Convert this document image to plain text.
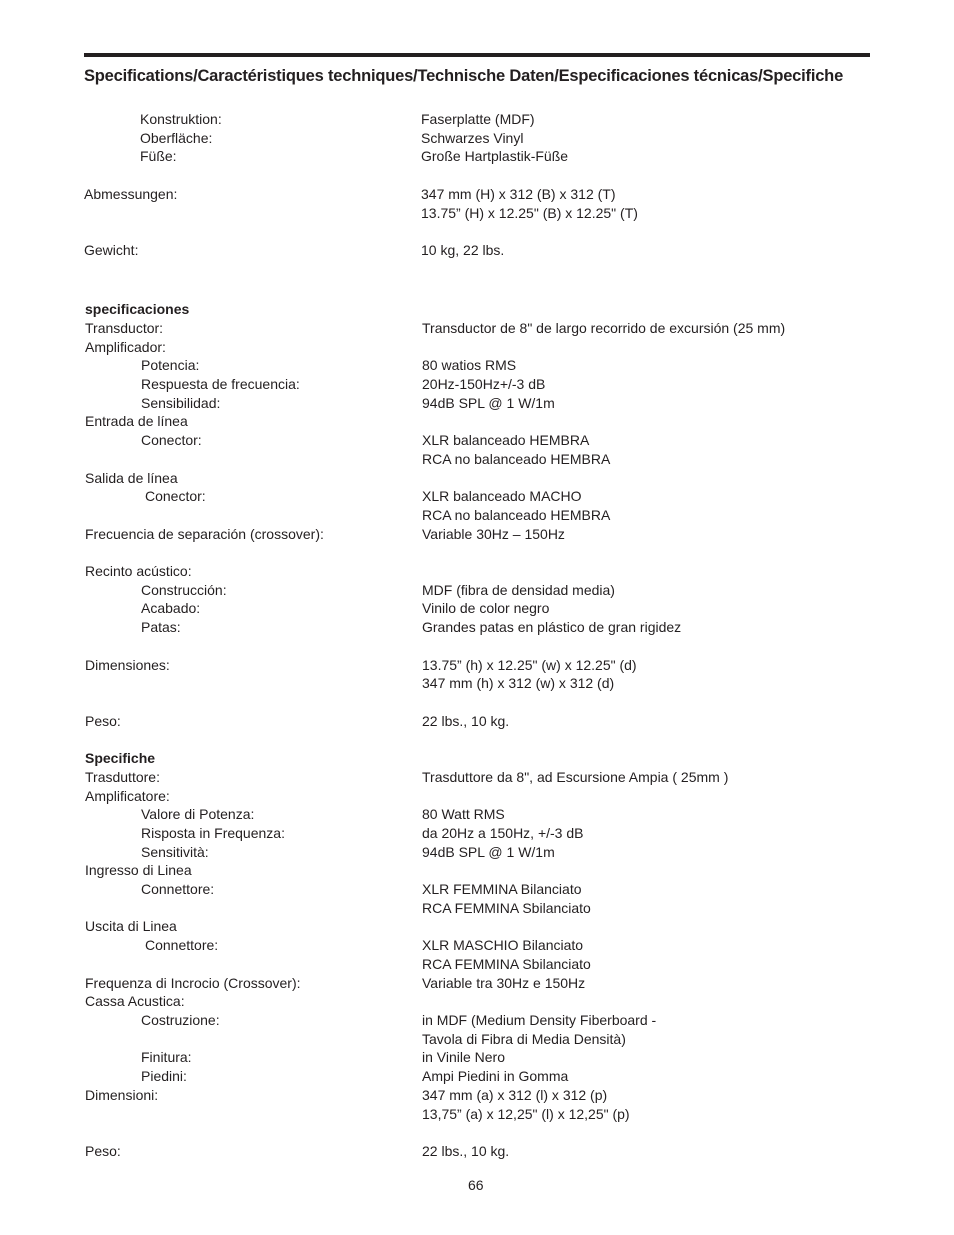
Specifications/Caractéristiques techniques/Technische Daten/Especificaciones técnicas/Specifiche
Konstruktion:	Faserplatte (MDF)
Oberfläche:	Schwarzes Vinyl
Füße:	Große Hartplastik-Füße
Abmessungen:	347 mm (H) x 312 (B) x 312 (T)
13.75” (H) x 12.25" (B) x 12.25" (T)
Gewicht:	10 kg, 22 lbs.
specificaciones
Transductor:	Transductor de 8" de largo recorrido de excursión (25 mm)
Amplificador:
Potencia:	80 watios RMS
Respuesta de frecuencia:	20Hz-150Hz+/-3 dB
Sensibilidad:	94dB SPL @ 1 W/1m
Entrada de línea
Conector:	XLR balanceado HEMBRA
RCA no balanceado HEMBRA
Salida de línea
Conector:	XLR balanceado MACHO
RCA no balanceado HEMBRA
Frecuencia de separación (crossover):	Variable 30Hz – 150Hz
Recinto acústico:
Construcción:	MDF (fibra de densidad media)
Acabado:	Vinilo de color negro
Patas:	Grandes patas en plástico de gran rigidez
Dimensiones:	13.75” (h) x 12.25" (w) x 12.25" (d)
347 mm (h) x 312 (w) x 312 (d)
Peso:	22 lbs., 10 kg.
Specifiche
Trasduttore:	Trasduttore da 8", ad Escursione Ampia ( 25mm )
Amplificatore:
Valore di Potenza:	80 Watt RMS
Risposta in Frequenza:	da 20Hz a 150Hz, +/-3 dB
Sensitività:	94dB SPL @ 1 W/1m
Ingresso di Linea
Connettore:	XLR FEMMINA Bilanciato
RCA FEMMINA Sbilanciato
Uscita di Linea
Connettore:	XLR MASCHIO Bilanciato
RCA FEMMINA Sbilanciato
Frequenza di Incrocio (Crossover):	Variable tra 30Hz e 150Hz
Cassa Acustica:
Costruzione:	in MDF (Medium Density Fiberboard -
Tavola di Fibra di Media Densità)
Finitura:	in Vinile Nero
Piedini:	Ampi Piedini in Gomma
Dimensioni:	347 mm (a) x 312 (l) x 312 (p)
13,75” (a) x 12,25" (l) x 12,25" (p)
Peso:	22 lbs., 10 kg.
66
